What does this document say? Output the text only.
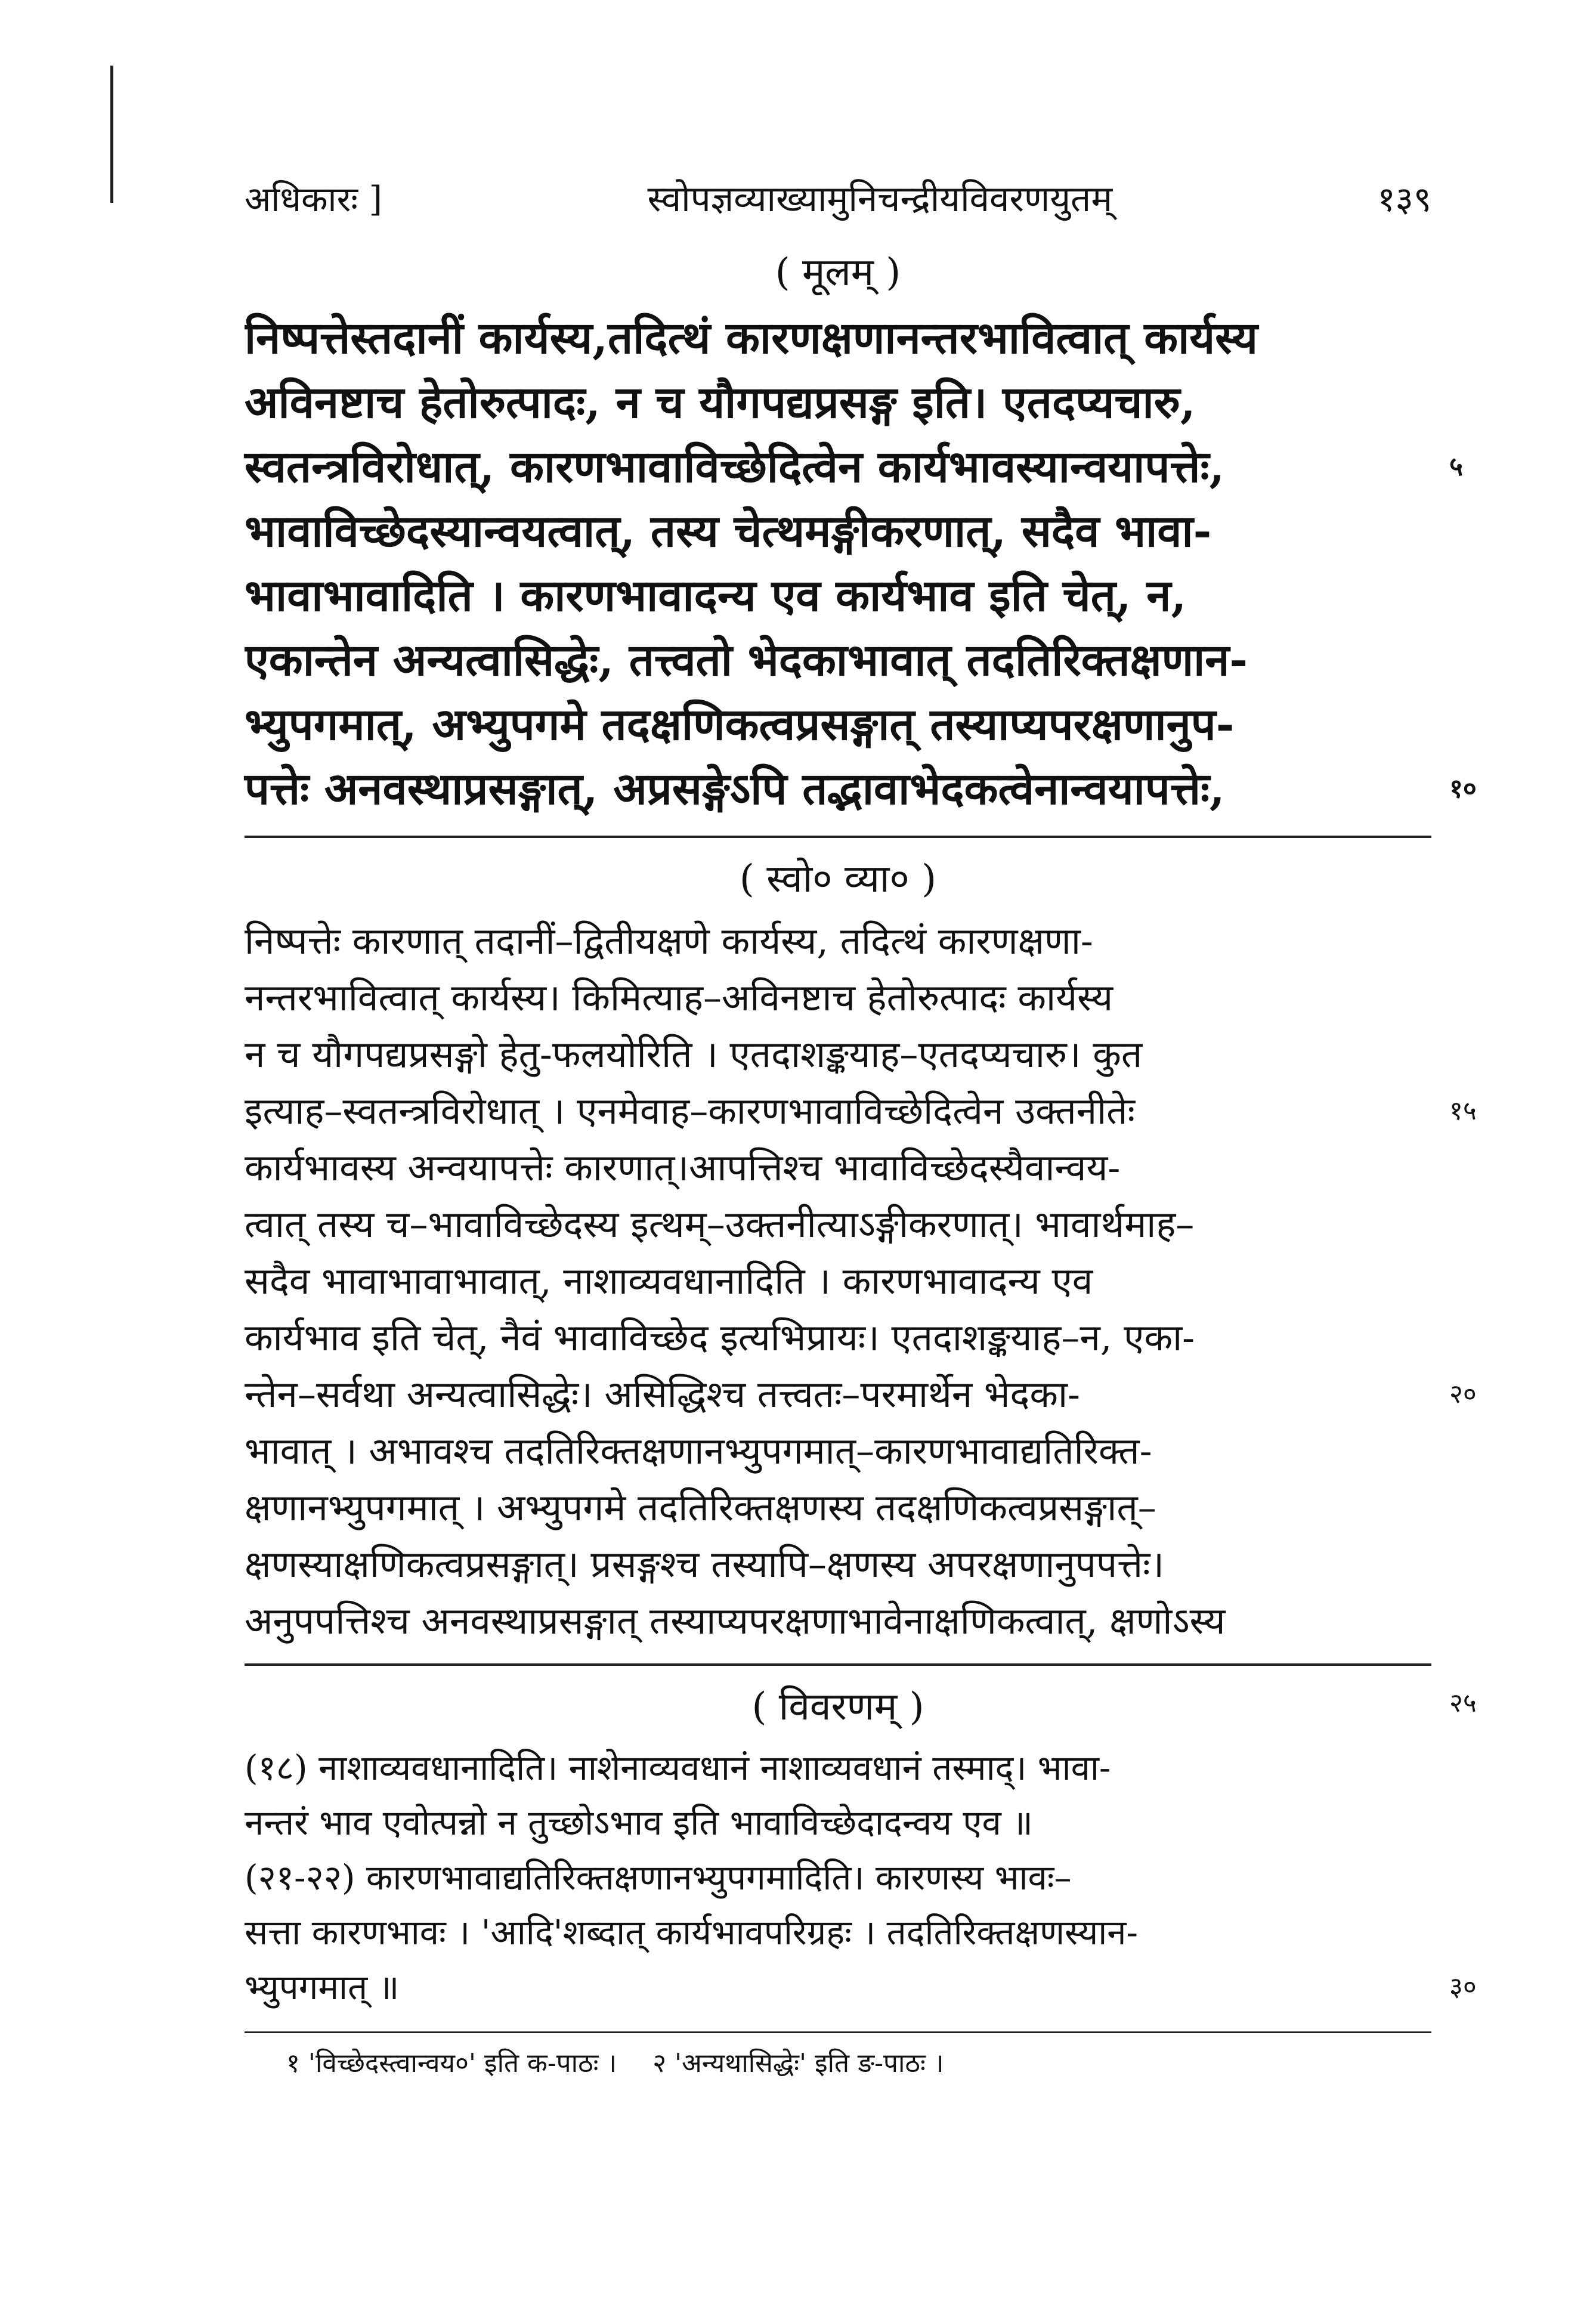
अधिकारः ]	स्वोपज्ञव्याख्यामुनिचन्द्रीयविवरणयुतम्	१३९
( मूलम् )
निष्पत्तेस्तदानीं कार्यस्य,तदित्थं कारणक्षणानन्तरभावित्वात् कार्यस्य
अविनष्टाच हेतोरुत्पादः, न च यौगपद्यप्रसङ्ग इति। एतदप्यचारु,
स्वतन्त्रविरोधात्, कारणभावाविच्छेदित्वेन कार्यभावस्यान्वयापत्तेः,	५
भावाविच्छेदस्यान्वयत्वात्, तस्य चेत्थमङ्गीकरणात्, सदैव भावा-
भावाभावादिति । कारणभावादन्य एव कार्यभाव इति चेत्, न,
एकान्तेन अन्यत्वासिद्धेः, तत्त्वतो भेदकाभावात् तदतिरिक्तक्षणान-
भ्युपगमात्, अभ्युपगमे तदक्षणिकत्वप्रसङ्गात् तस्याप्यपरक्षणानुप-
पत्तेः अनवस्थाप्रसङ्गात्, अप्रसङ्गेऽपि तद्भावाभेदकत्वेनान्वयापत्तेः,	१०
( स्वो० व्या० )
निष्पत्तेः कारणात् तदानीं–द्वितीयक्षणे कार्यस्य, तदित्थं कारणक्षणा-
नन्तरभावित्वात् कार्यस्य। किमित्याह–अविनष्टाच हेतोरुत्पादः कार्यस्य
न च यौगपद्यप्रसङ्गो हेतु-फलयोरिति । एतदाशङ्कयाह–एतदप्यचारु। कुत
इत्याह–स्वतन्त्रविरोधात् । एनमेवाह–कारणभावाविच्छेदित्वेन उक्तनीतेः	१५
कार्यभावस्य अन्वयापत्तेः कारणात्।आपत्तिश्च भावाविच्छेदस्यैवान्वय-
त्वात् तस्य च–भावाविच्छेदस्य इत्थम्–उक्तनीत्याऽङ्गीकरणात्। भावार्थमाह–
सदैव भावाभावाभावात्, नाशाव्यवधानादिति । कारणभावादन्य एव
कार्यभाव इति चेत्, नैवं भावाविच्छेद इत्यभिप्रायः। एतदाशङ्कयाह–न, एका-
न्तेन–सर्वथा अन्यत्वासिद्धेः। असिद्धिश्च तत्त्वतः–परमार्थेन भेदका-	२०
भावात् । अभावश्च तदतिरिक्तक्षणानभ्युपगमात्–कारणभावाद्यतिरिक्त-
क्षणानभ्युपगमात् । अभ्युपगमे तदतिरिक्तक्षणस्य तदक्षणिकत्वप्रसङ्गात्–
क्षणस्याक्षणिकत्वप्रसङ्गात्। प्रसङ्गश्च तस्यापि–क्षणस्य अपरक्षणानुपपत्तेः।
अनुपपत्तिश्च अनवस्थाप्रसङ्गात् तस्याप्यपरक्षणाभावेनाक्षणिकत्वात्, क्षणोऽस्य
( विवरणम् )	२५
(१८) नाशाव्यवधानादिति। नाशेनाव्यवधानं नाशाव्यवधानं तस्माद्। भावा-
नन्तरं भाव एवोत्पन्नो न तुच्छोऽभाव इति भावाविच्छेदादन्वय एव ॥
(२१-२२) कारणभावाद्यतिरिक्तक्षणानभ्युपगमादिति। कारणस्य भावः–
सत्ता कारणभावः । 'आदि'शब्दात् कार्यभावपरिग्रहः । तदतिरिक्तक्षणस्यान-
भ्युपगमात् ॥	३०
१ 'विच्छेदस्त्वान्वय०' इति क-पाठः । २ 'अन्यथासिद्धेः' इति ङ-पाठः ।
